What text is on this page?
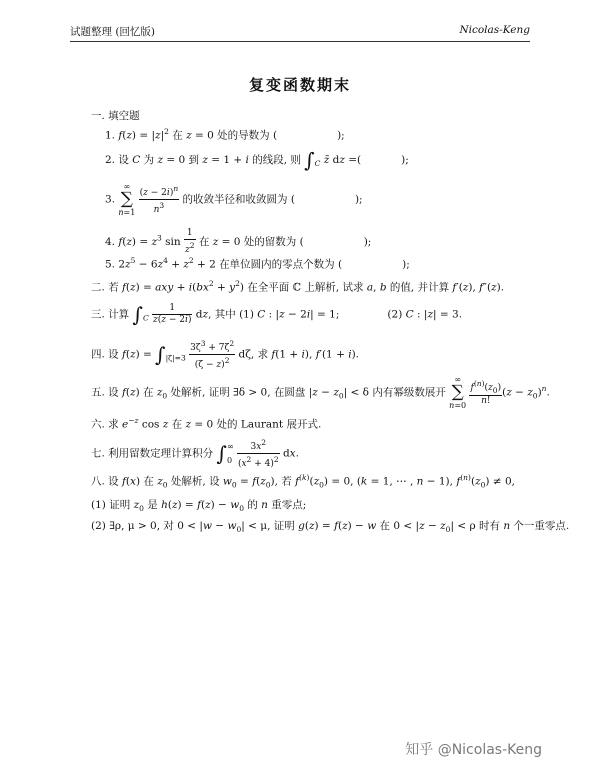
试题整理 (回忆版)	Nicolas-Keng
复变函数期末
一. 填空题
1. $f(z) = |z|^2$ 在 z = 0 处的导数为 (	);
2. 设 C 为 z = 0 到 z = 1 + i 的线段, 则 $\int_C$ z̄ dz =(	);
3. ∞
∑
$n=1 \frac{(z - 2i)^n}{n^3}$ 的收敛半径和收敛圆为 (	);
4. $f(z) = z^3$ $\sin \frac{1}{z^2}$ 在 z = 0 处的留数为 (	);
5. $2z^5 - 6z^4 + z^2 + 2$ 在单位圆内的零点个数为 (	);
二. 若 f(z) = axy + $i(bx^2 + y^2)$ 在全平面 ℂ 上解析, 试求 a, b 的值, 并计算 f′(z), f″(z).
三. 计算 $\int_C \frac{1}{z(z - 2i)}$ dz, 其中 (1) C : |z − 2i| = 1;	(2) C : |z| = 3.
四. 设 $f(z) = \int_{|\zeta|=3} \frac{3\zeta^3 + 7\zeta^2}{(\zeta - z)^2} d\zeta$, 求 f(1 + i), f′(1 + i).
五. 设 f(z) 在 $z_0$ 处解析, 证明 ∃δ > 0, 在圆盘 $|z - z_0| < \delta$ 内有幂级数展开 ∞
∑
$n=0 \frac{f^{(n)}(z_0)}{n!} (z - z_0)^n$.
六. 求 $e^{-z}$ cos z 在 z = 0 处的 Laurant 展开式.
七. 利用留数定理计算积分 ∫ ∞
0
$\frac{3x^2}{(x^2 + 4)^2}$ dx.
八. 设 f(x) 在 $z_0$ 处解析, 设 $w_0 = f(z_0)$, 若 $f^{(k)}(z_0) = 0$, (k = 1, ⋯ , n − 1), $f^{(n)}(z_0) \ne 0$,
(1) 证明 $z_0$ 是 $h(z) = f(z) - w_0$ 的 n 重零点;
(2) ∃ρ, μ > 0, 对 $0 < |w - w_0| < \mu$, 证明 g(z) = f(z) − w 在 $0 < |z - z_0| < \rho$ 时有 n 个一重零点.
知乎 @Nicolas-Keng
